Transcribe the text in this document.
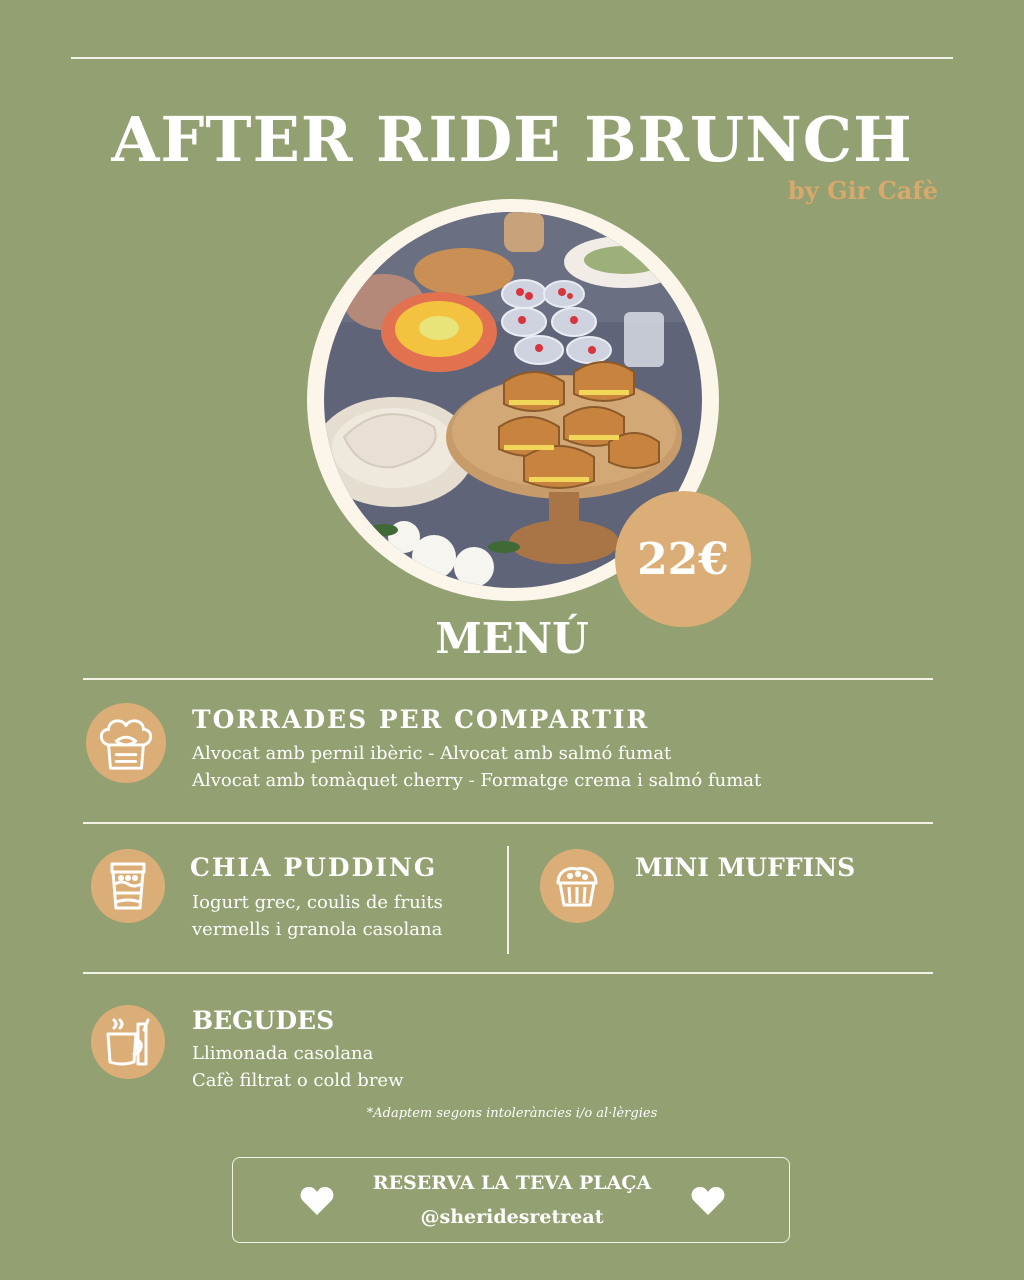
AFTER RIDE BRUNCH
by Gir Cafè
22€
MENÚ
TORRADES PER COMPARTIR
Alvocat amb pernil ibèric - Alvocat amb salmó fumat
Alvocat amb tomàquet cherry - Formatge crema i salmó fumat
CHIA PUDDING
Iogurt grec, coulis de fruits
vermells i granola casolana
MINI MUFFINS
BEGUDES
Llimonada casolana
Cafè filtrat o cold brew
*Adaptem segons intoleràncies i/o al·lèrgies
RESERVA LA TEVA PLAÇA
@sheridesretreat
